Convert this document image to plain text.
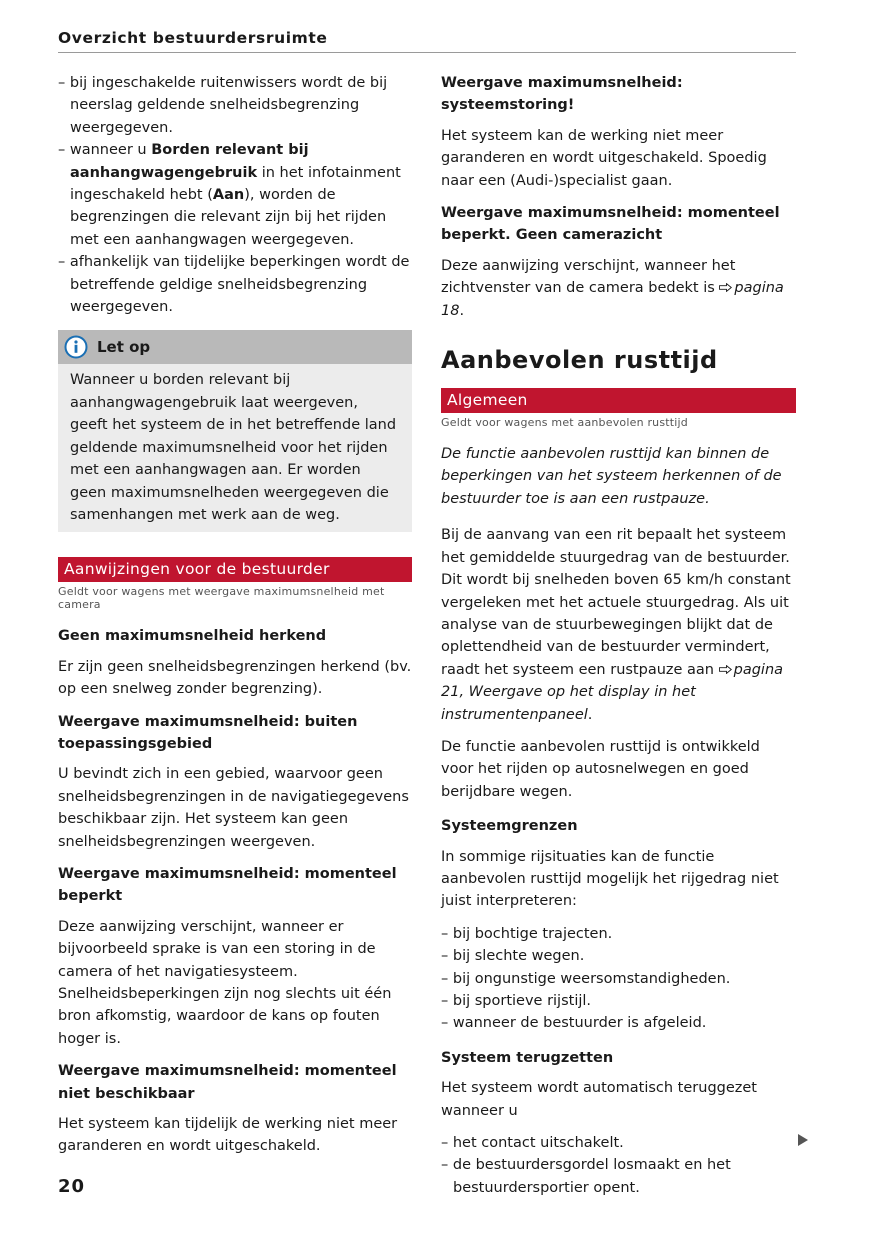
Overzicht bestuurdersruimte

– bij ingeschakelde ruitenwissers wordt de bij neerslag geldende snelheidsbegrenzing weergegeven.

– wanneer u Borden relevant bij aanhangwagengebruik in het infotainment ingeschakeld hebt (Aan), worden de begrenzingen die relevant zijn bij het rijden met een aanhangwagen weergegeven.

– afhankelijk van tijdelijke beperkingen wordt de betreffende geldige snelheidsbegrenzing weergegeven.

Let op
Wanneer u borden relevant bij aanhangwagengebruik laat weergeven, geeft het systeem de in het betreffende land geldende maximumsnelheid voor het rijden met een aanhangwagen aan. Er worden geen maximumsnelheden weergegeven die samenhangen met werk aan de weg.
Aanwijzingen voor de bestuurder
Geldt voor wagens met weergave maximumsnelheid met camera

Geen maximumsnelheid herkend

Er zijn geen snelheidsbegrenzingen herkend (bv. op een snelweg zonder begrenzing).

Weergave maximumsnelheid: buiten toepassingsgebied

U bevindt zich in een gebied, waarvoor geen snelheidsbegrenzingen in de navigatiegegevens beschikbaar zijn. Het systeem kan geen snelheidsbegrenzingen weergeven.

Weergave maximumsnelheid: momenteel beperkt

Deze aanwijzing verschijnt, wanneer er bijvoorbeeld sprake is van een storing in de camera of het navigatiesysteem. Snelheidsbeperkingen zijn nog slechts uit één bron afkomstig, waardoor de kans op fouten hoger is.

Weergave maximumsnelheid: momenteel niet beschikbaar

Het systeem kan tijdelijk de werking niet meer garanderen en wordt uitgeschakeld.

Weergave maximumsnelheid: systeemstoring!

Het systeem kan de werking niet meer garanderen en wordt uitgeschakeld. Spoedig naar een (Audi-)specialist gaan.

Weergave maximumsnelheid: momenteel beperkt. Geen camerazicht

Deze aanwijzing verschijnt, wanneer het zichtvenster van de camera bedekt is pagina 18.

Aanbevolen rusttijd
Algemeen
Geldt voor wagens met aanbevolen rusttijd

De functie aanbevolen rusttijd kan binnen de beperkingen van het systeem herkennen of de bestuurder toe is aan een rustpauze.

Bij de aanvang van een rit bepaalt het systeem het gemiddelde stuurgedrag van de bestuurder. Dit wordt bij snelheden boven 65 km/h constant vergeleken met het actuele stuurgedrag. Als uit analyse van de stuurbewegingen blijkt dat de oplettendheid van de bestuurder vermindert, raadt het systeem een rustpauze aan pagina 21, Weergave op het display in het instrumentenpaneel.

De functie aanbevolen rusttijd is ontwikkeld voor het rijden op autosnelwegen en goed berijdbare wegen.

Systeemgrenzen

In sommige rijsituaties kan de functie aanbevolen rusttijd mogelijk het rijgedrag niet juist interpreteren:

– bij bochtige trajecten.

– bij slechte wegen.

– bij ongunstige weersomstandigheden.

– bij sportieve rijstijl.

– wanneer de bestuurder is afgeleid.

Systeem terugzetten

Het systeem wordt automatisch teruggezet wanneer u

– het contact uitschakelt.

– de bestuurdersgordel losmaakt en het bestuurdersportier opent.

20
